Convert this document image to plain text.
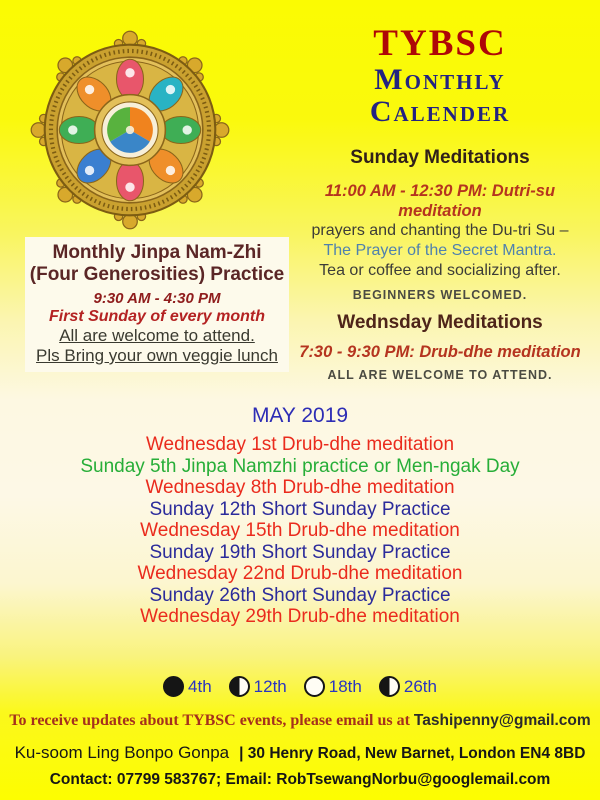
TYBSC
Monthly
Calender
Sunday Meditations
11:00 AM - 12:30 PM: Dutri-su meditation
prayers and chanting the Du-tri Su –
The Prayer of the Secret Mantra.
Tea or coffee and socializing after.
BEGINNERS WELCOMED.
Wednsday Meditations
7:30 - 9:30 PM: Drub-dhe meditation
ALL ARE WELCOME TO ATTEND.
Monthly Jinpa Nam-Zhi
(Four Generosities) Practice
9:30 AM - 4:30 PM
First Sunday of every month
All are welcome to attend.
Pls Bring your own veggie lunch
MAY 2019
Wednesday 1st Drub-dhe meditation
Sunday 5th Jinpa Namzhi practice or Men-ngak Day
Wednesday 8th Drub-dhe meditation
Sunday 12th Short Sunday Practice
Wednesday 15th Drub-dhe meditation
Sunday 19th Short Sunday Practice
Wednesday 22nd Drub-dhe meditation
Sunday 26th Short Sunday Practice
Wednesday 29th Drub-dhe meditation
4th 12th 18th 26th
To receive updates about TYBSC events, please email us at Tashipenny@gmail.com
Ku-soom Ling Bonpo Gonpa | 30 Henry Road, New Barnet, London EN4 8BD
Contact: 07799 583767; Email: RobTsewangNorbu@googlemail.com
